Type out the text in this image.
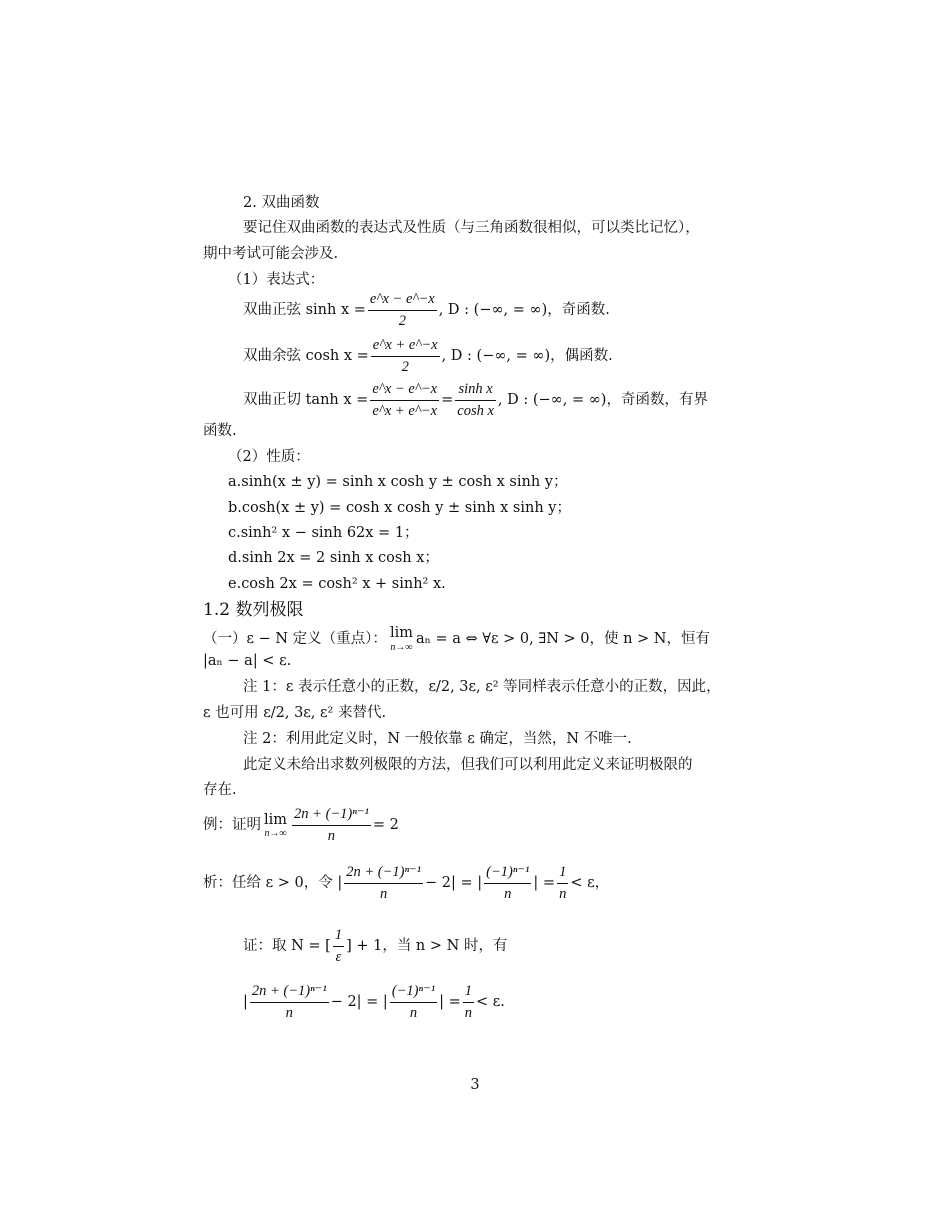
2. 双曲函数
要记住双曲函数的表达式及性质（与三角函数很相似，可以类比记忆），
期中考试可能会涉及.
（1）表达式：
双曲正弦 $\sinh x = \frac{e\^{}x - e\^{}-x}{2}$ , D : (−∞, = ∞)，奇函数.
双曲余弦 $\cosh x = \frac{e\^{}x + e\^{}-x}{2}$ , D : (−∞, = ∞)，偶函数.
双曲正切 $\tanh x = \frac{e\^{}x - e\^{}-x}{e\^{}x + e\^{}-x} = \frac{\text{sinh x}}{\text{cosh x}}$ , D : (−∞, = ∞)，奇函数，有界
函数.
（2）性质：
a.sinh(x ± y) = sinh x cosh y ± cosh x sinh y；
b.cosh(x ± y) = cosh x cosh y ± sinh x sinh y；
c.sinh² x − sinh 62x = 1；
d.sinh 2x = 2 sinh x cosh x；
e.cosh 2x = cosh² x + sinh² x.
1.2 数列极限
（一）ε − N 定义（重点）： lim
n→∞
aₙ = a ⇔ ∀ε > 0, ∃N > 0，使 n > N，恒有
|aₙ − a| < ε.
注 1：ε 表示任意小的正数，ε/2, 3ε, ε² 等同样表示任意小的正数，因此，
ε 也可用 ε/2, 3ε, ε² 来替代.
注 2：利用此定义时，N 一般依靠 ε 确定，当然，N 不唯一.
此定义未给出求数列极限的方法，但我们可以利用此定义来证明极限的
存在.
例：证明 lim
$n\to\infty \frac{\text{2n + (−1)ⁿ⁻¹}}{n} = 2$
析：任给 ε > 0，令 | $\frac{\text{2n + (−1)ⁿ⁻¹}}{n} - 2|$ = | $\frac{\text{(−1)ⁿ⁻¹}}{n}$ | = $\frac{1}{n} < \varepsilon$，
证：取 N = [ $\frac{1}{\varepsilon}$ ] + 1，当 n > N 时，有
| $\frac{\text{2n + (−1)ⁿ⁻¹}}{n} - 2|$ = | $\frac{\text{(−1)ⁿ⁻¹}}{n}$ | = $\frac{1}{n} < \varepsilon$.
3
